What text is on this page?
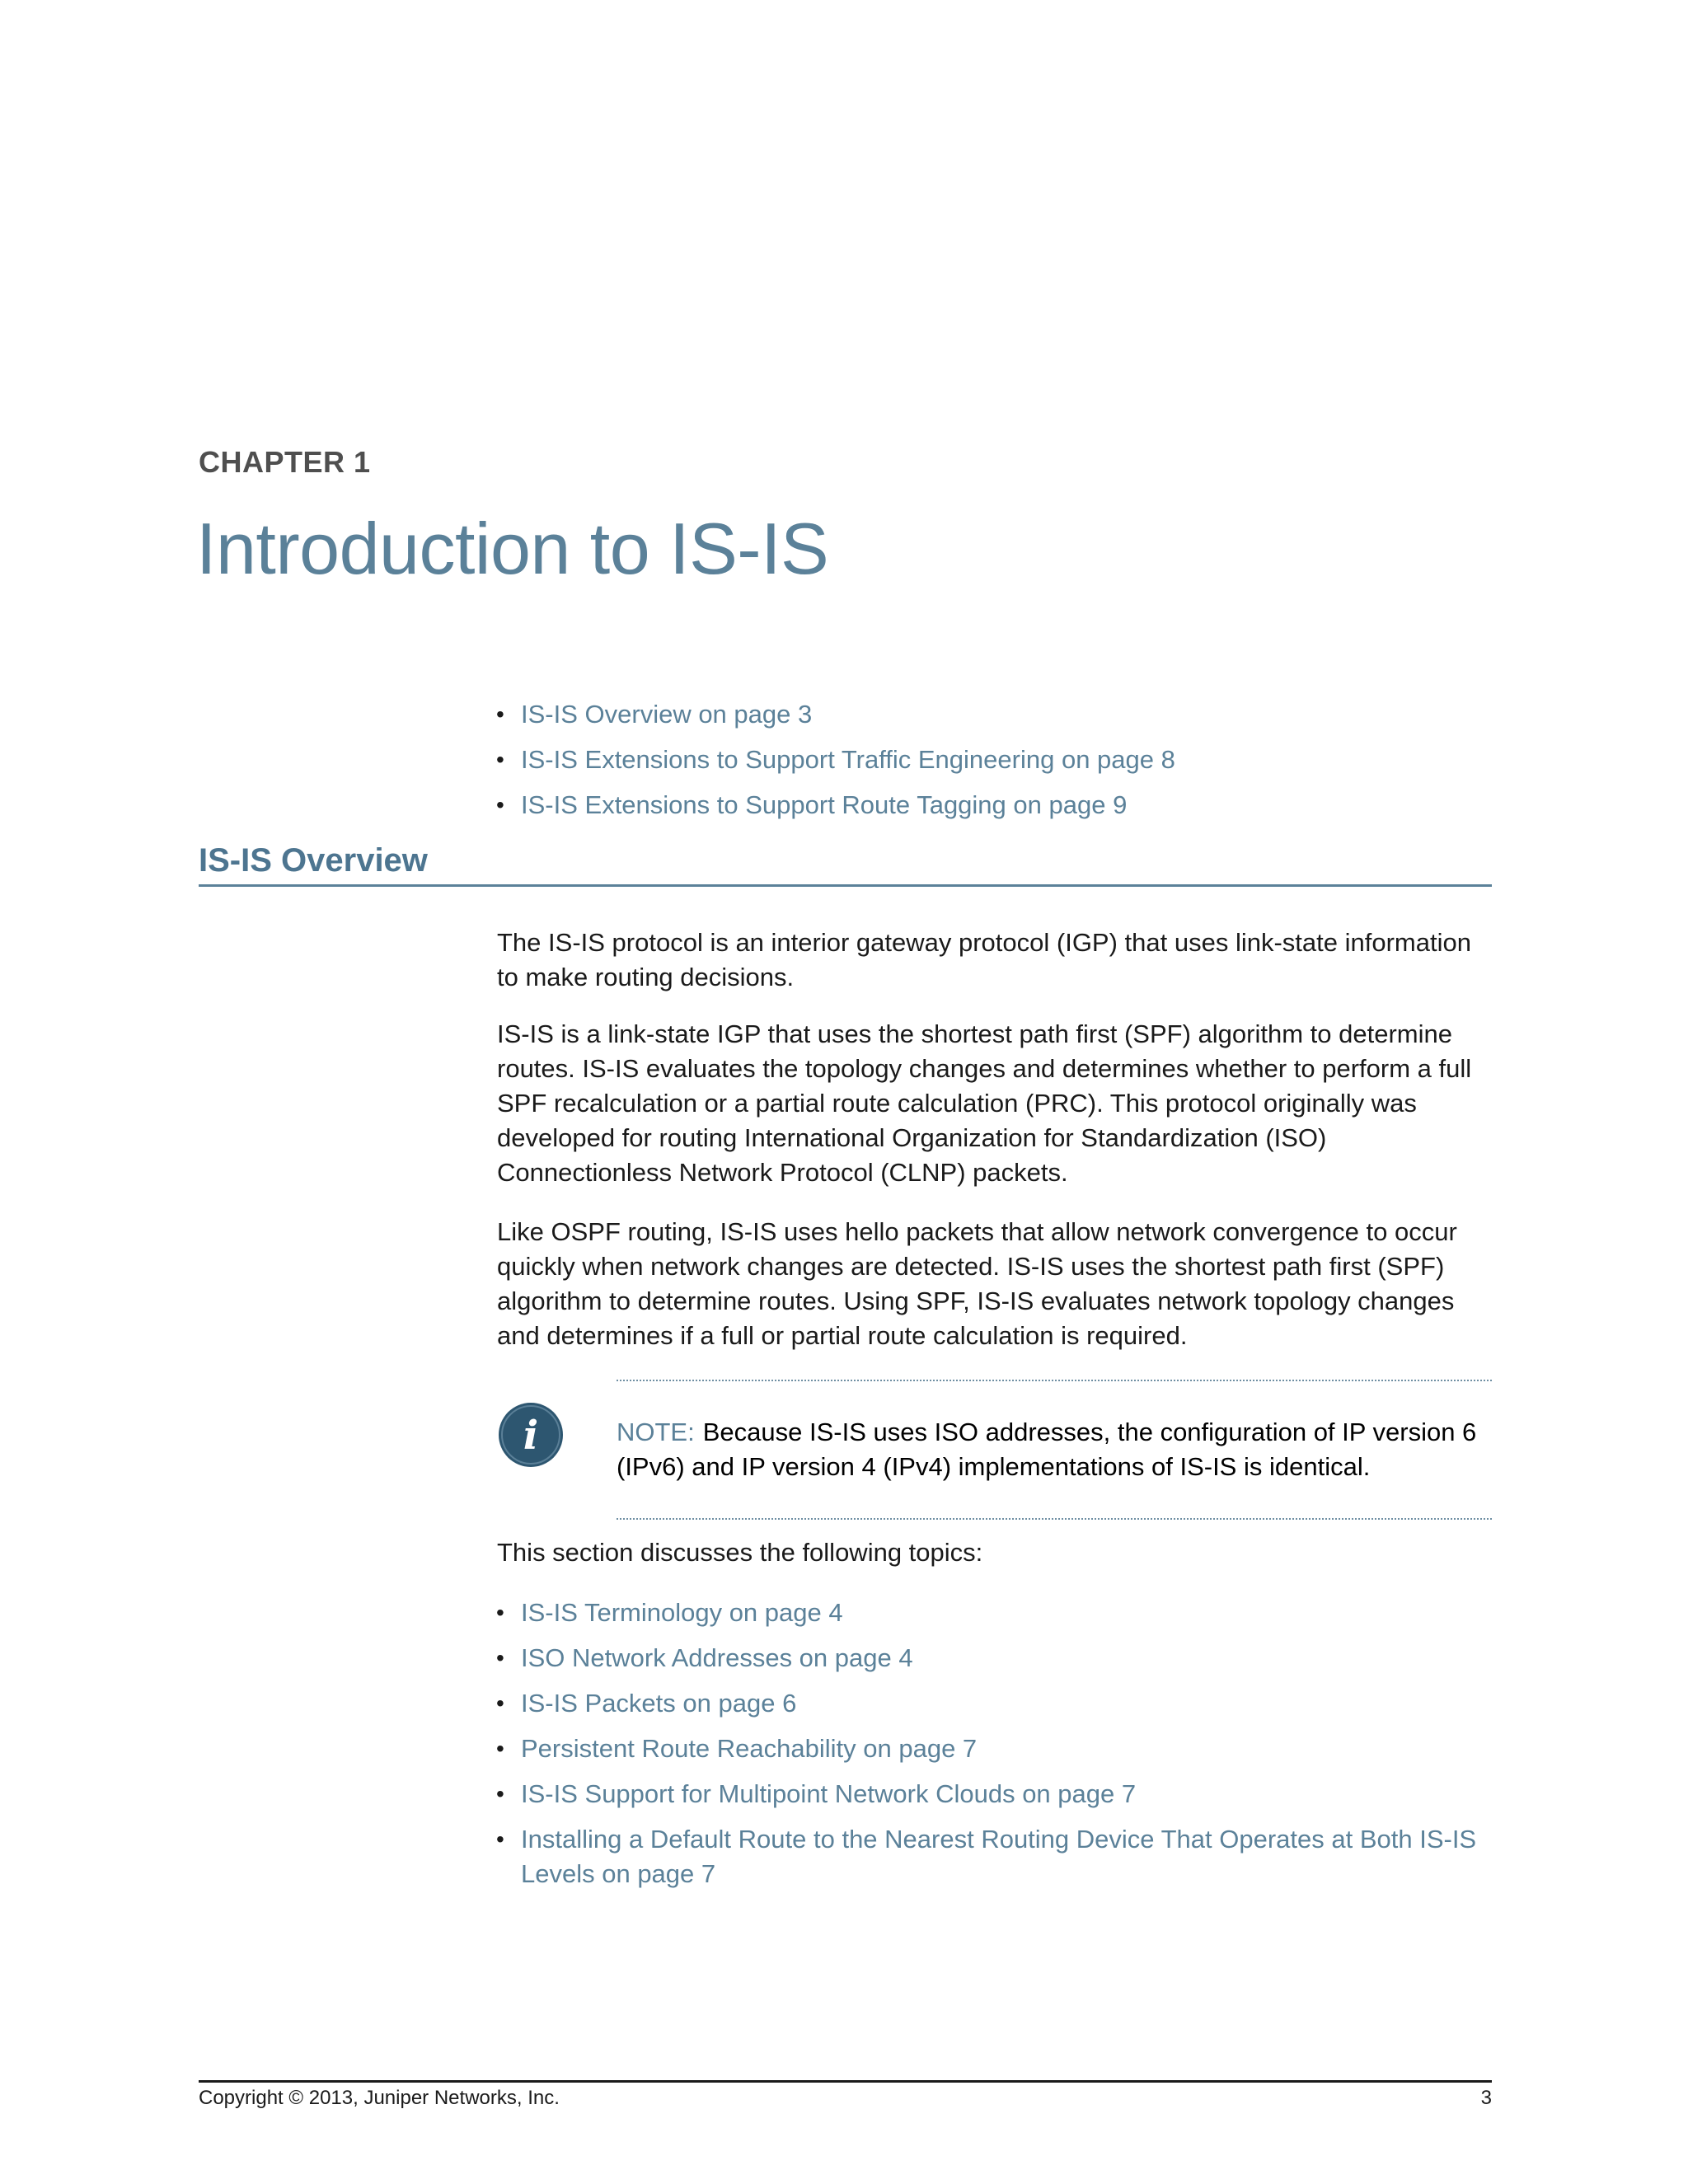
CHAPTER 1
Introduction to IS-IS
• IS-IS Overview on page 3
• IS-IS Extensions to Support Traffic Engineering on page 8
• IS-IS Extensions to Support Route Tagging on page 9
IS-IS Overview

The IS-IS protocol is an interior gateway protocol (IGP) that uses link-state information to make routing decisions.

IS-IS is a link-state IGP that uses the shortest path first (SPF) algorithm to determine routes. IS-IS evaluates the topology changes and determines whether to perform a full SPF recalculation or a partial route calculation (PRC). This protocol originally was developed for routing International Organization for Standardization (ISO) Connectionless Network Protocol (CLNP) packets.

Like OSPF routing, IS-IS uses hello packets that allow network convergence to occur quickly when network changes are detected. IS-IS uses the shortest path first (SPF) algorithm to determine routes. Using SPF, IS-IS evaluates network topology changes and determines if a full or partial route calculation is required.

i	NOTE: Because IS-IS uses ISO addresses, the configuration of IP version 6 (IPv6) and IP version 4 (IPv4) implementations of IS-IS is identical.

This section discusses the following topics:

• IS-IS Terminology on page 4
• ISO Network Addresses on page 4
• IS-IS Packets on page 6
• Persistent Route Reachability on page 7
• IS-IS Support for Multipoint Network Clouds on page 7
• Installing a Default Route to the Nearest Routing Device That Operates at Both IS-IS Levels on page 7
Copyright © 2013, Juniper Networks, Inc.	3
